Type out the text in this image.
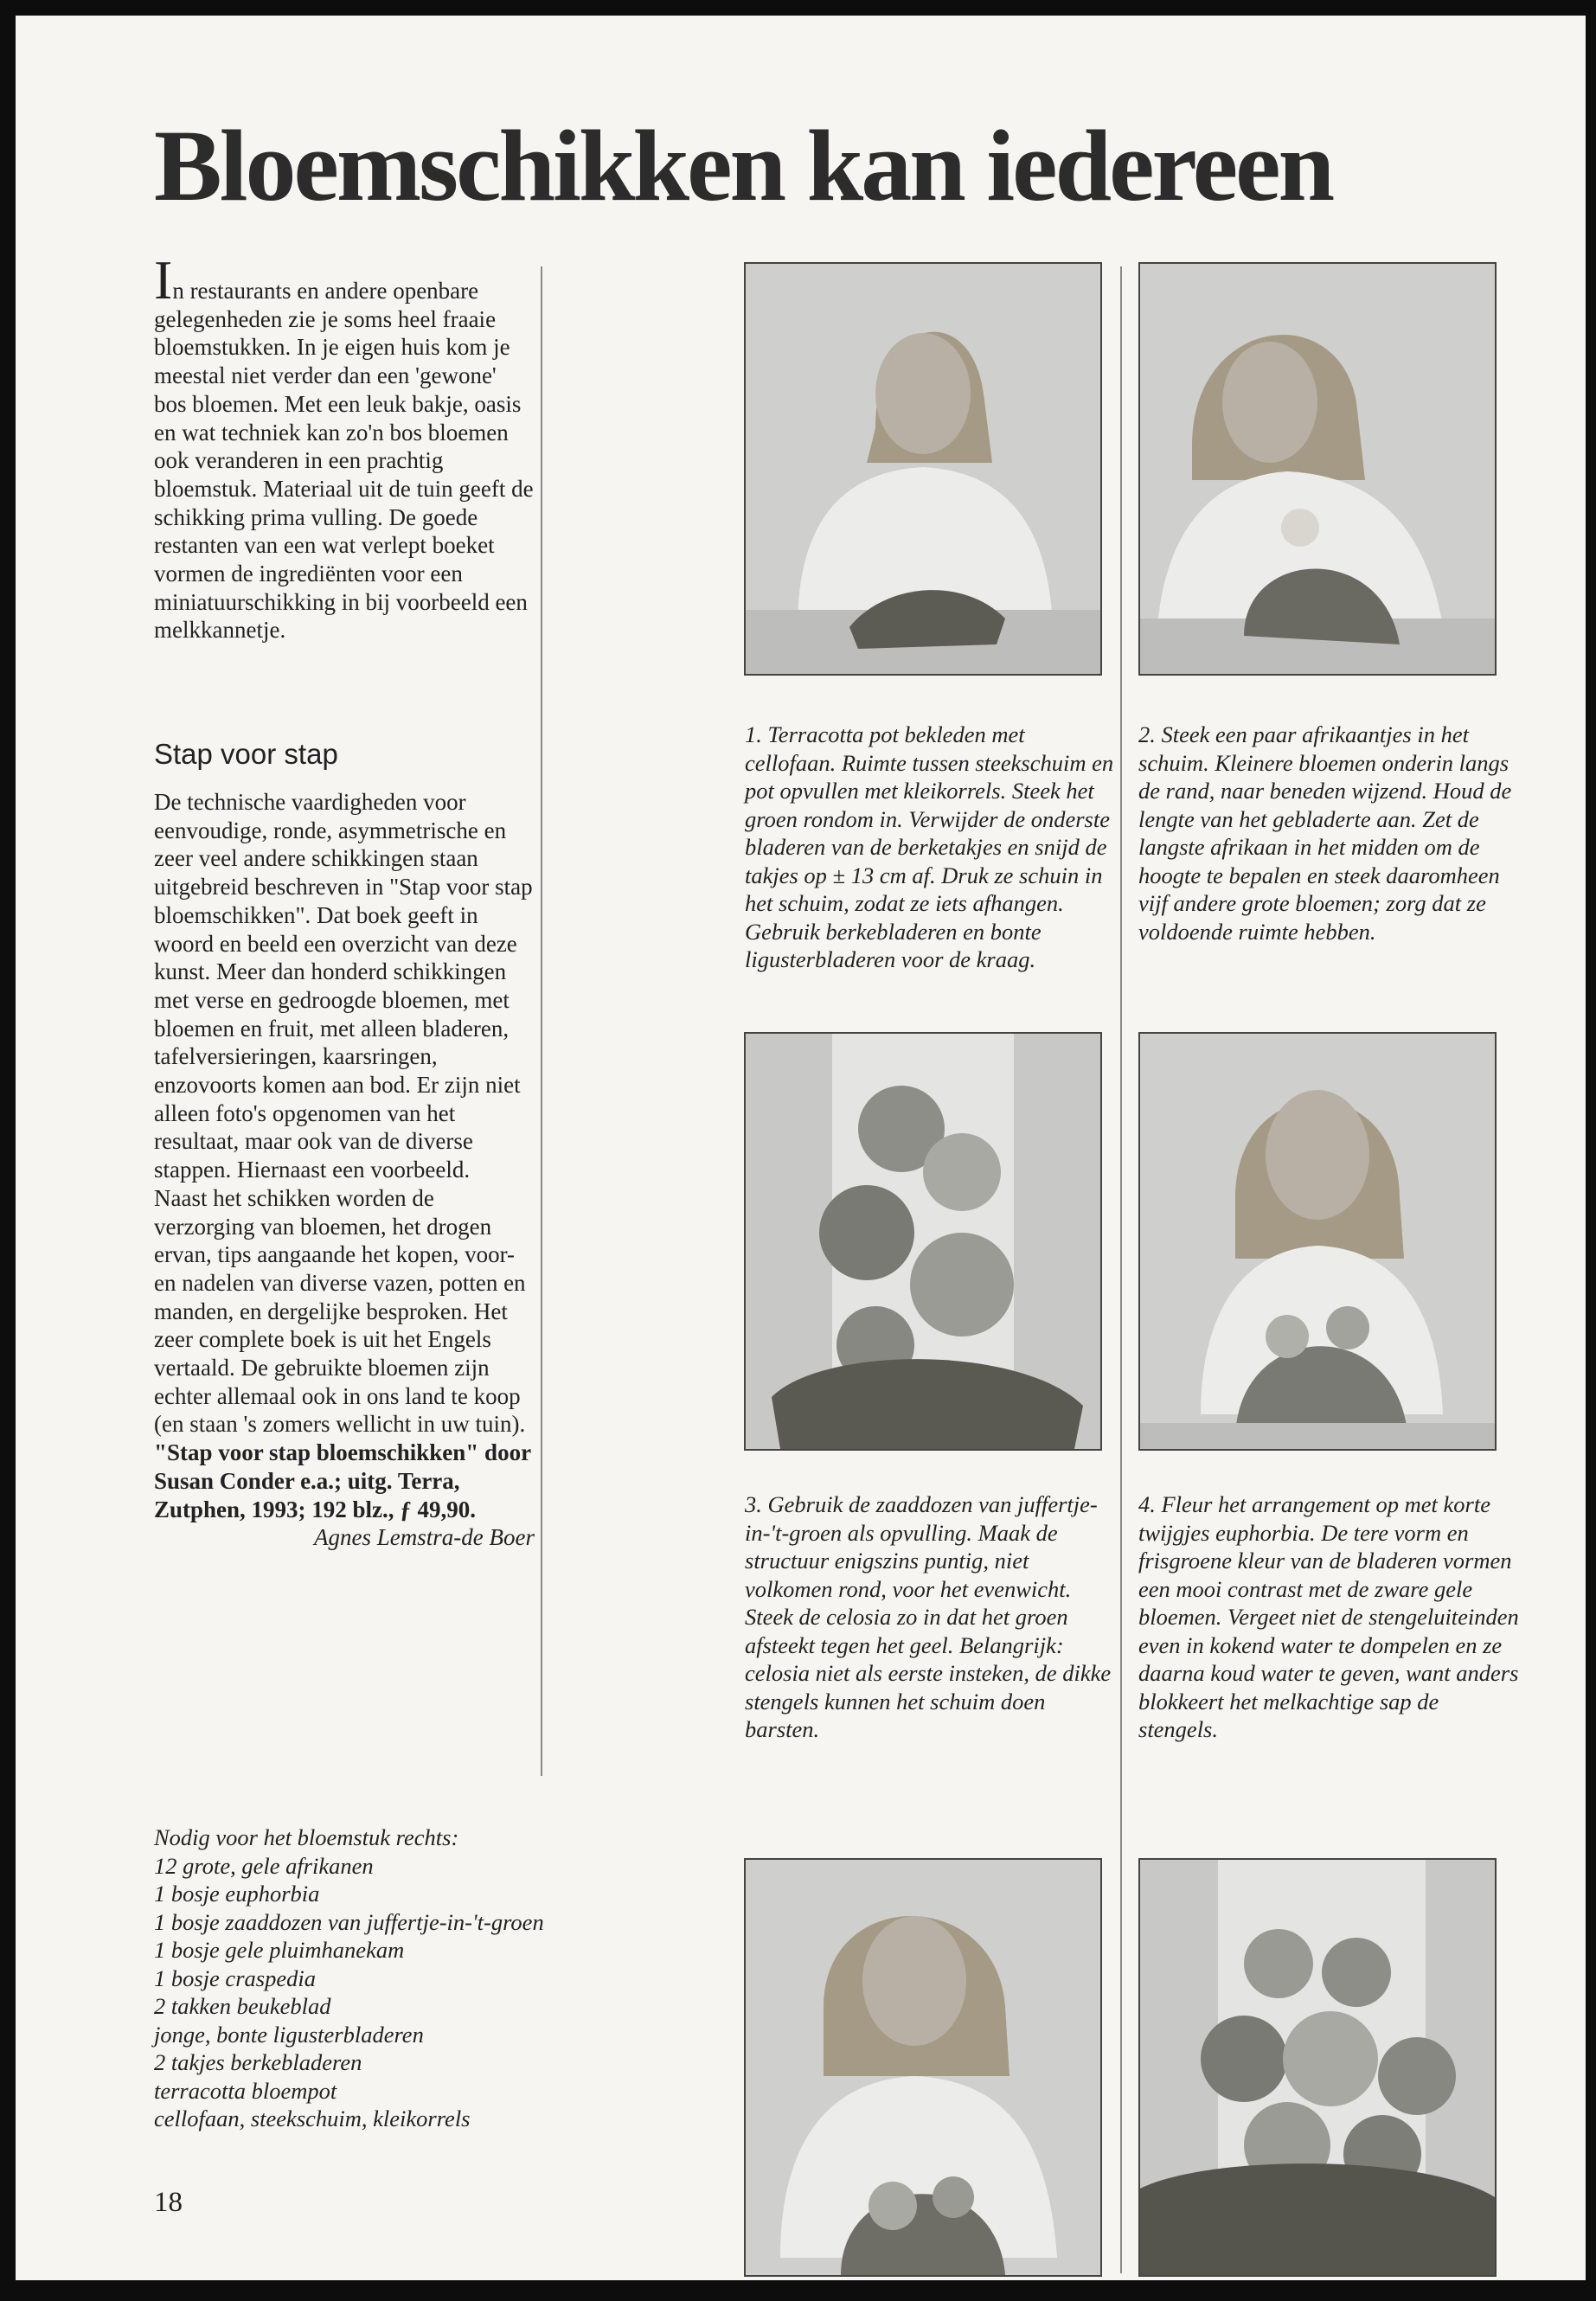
Bloemschikken kan iedereen

In restaurants en andere openbare gelegenheden zie je soms heel fraaie bloemstukken. In je eigen huis kom je meestal niet verder dan een 'gewone' bos bloemen. Met een leuk bakje, oasis en wat techniek kan zo'n bos bloemen ook veranderen in een prachtig bloemstuk. Materiaal uit de tuin geeft de schikking prima vulling. De goede restanten van een wat verlept boeket vormen de ingrediënten voor een miniatuurschikking in bij voorbeeld een melkkannetje.

Stap voor stap

De technische vaardigheden voor eenvoudige, ronde, asymmetrische en zeer veel andere schikkingen staan uitgebreid beschreven in "Stap voor stap bloemschikken". Dat boek geeft in woord en beeld een overzicht van deze kunst. Meer dan honderd schikkingen met verse en gedroogde bloemen, met bloemen en fruit, met alleen bladeren, tafelversieringen, kaarsringen, enzovoorts komen aan bod. Er zijn niet alleen foto's opgenomen van het resultaat, maar ook van de diverse stappen. Hiernaast een voorbeeld.

Naast het schikken worden de verzorging van bloemen, het drogen ervan, tips aangaande het kopen, voor- en nadelen van diverse vazen, potten en manden, en dergelijke besproken. Het zeer complete boek is uit het Engels vertaald. De gebruikte bloemen zijn echter allemaal ook in ons land te koop (en staan 's zomers wellicht in uw tuin).

"Stap voor stap bloemschikken" door Susan Conder e.a.; uitg. Terra, Zutphen, 1993; 192 blz., ƒ 49,90.

Agnes Lemstra-de Boer

1. Terracotta pot bekleden met cellofaan. Ruimte tussen steekschuim en pot opvullen met kleikorrels. Steek het groen rondom in. Verwijder de onderste bladeren van de berketakjes en snijd de takjes op ± 13 cm af. Druk ze schuin in het schuim, zodat ze iets afhangen. Gebruik berkebladeren en bonte ligusterbladeren voor de kraag.

2. Steek een paar afrikaantjes in het schuim. Kleinere bloemen onderin langs de rand, naar beneden wijzend. Houd de lengte van het gebladerte aan. Zet de langste afrikaan in het midden om de hoogte te bepalen en steek daaromheen vijf andere grote bloemen; zorg dat ze voldoende ruimte hebben.

3. Gebruik de zaaddozen van juffertje-in-'t-groen als opvulling. Maak de structuur enigszins puntig, niet volkomen rond, voor het evenwicht. Steek de celosia zo in dat het groen afsteekt tegen het geel. Belangrijk: celosia niet als eerste insteken, de dikke stengels kunnen het schuim doen barsten.

4. Fleur het arrangement op met korte twijgjes euphorbia. De tere vorm en frisgroene kleur van de bladeren vormen een mooi contrast met de zware gele bloemen. Vergeet niet de stengeluiteinden even in kokend water te dompelen en ze daarna koud water te geven, want anders blokkeert het melkachtige sap de stengels.

Nodig voor het bloemstuk rechts:
12 grote, gele afrikanen
1 bosje euphorbia
1 bosje zaaddozen van juffertje-in-'t-groen
1 bosje gele pluimhanekam
1 bosje craspedia
2 takken beukeblad
jonge, bonte ligusterbladeren
2 takjes berkebladeren
terracotta bloempot
cellofaan, steekschuim, kleikorrels
18
